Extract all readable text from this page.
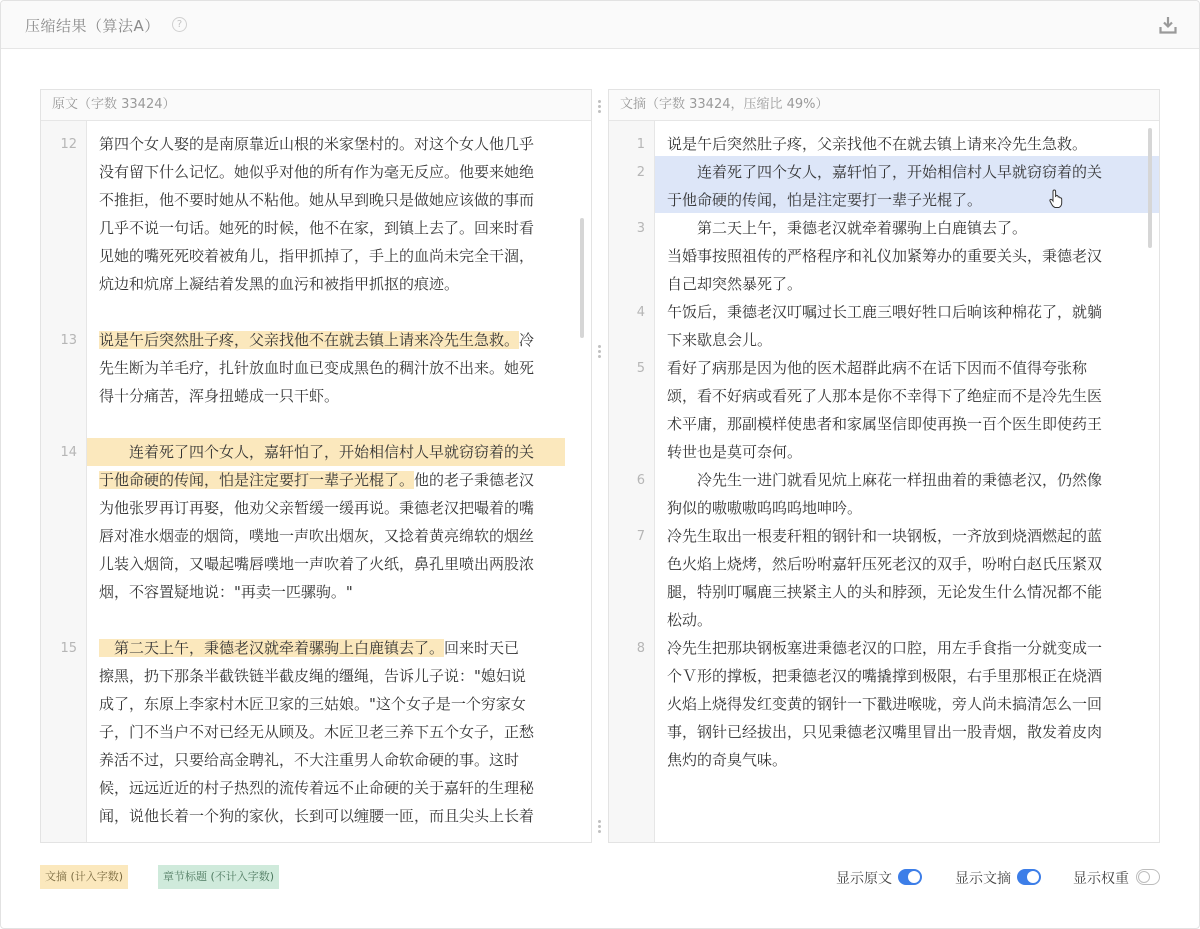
压缩结果（算法A）	?
原文（字数 33424）
12
13
14
15
第四个女人娶的是南原靠近山根的米家堡村的。对这个女人他几乎
没有留下什么记忆。她似乎对他的所有作为毫无反应。他要来她绝
不推拒，他不要时她从不粘他。她从早到晚只是做她应该做的事而
几乎不说一句话。她死的时候，他不在家，到镇上去了。回来时看
见她的嘴死死咬着被角儿，指甲抓掉了，手上的血尚未完全干涸，
炕边和炕席上凝结着发黑的血污和被指甲抓抠的痕迹。
说是午后突然肚子疼，父亲找他不在就去镇上请来冷先生急救。冷
先生断为羊毛疗，扎针放血时血已变成黑色的稠汁放不出来。她死
得十分痛苦，浑身扭蜷成一只干虾。
　　连着死了四个女人，嘉轩怕了，开始相信村人早就窃窃着的关
于他命硬的传闻，怕是注定要打一辈子光棍了。他的老子秉德老汉
为他张罗再订再娶，他劝父亲暂缓一缓再说。秉德老汉把嘬着的嘴
唇对准水烟壶的烟筒，噗地一声吹出烟灰，又捻着黄亮绵软的烟丝
儿装入烟筒，又嘬起嘴唇噗地一声吹着了火纸，鼻孔里喷出两股浓
烟，不容置疑地说："再卖一匹骡驹。"
　第二天上午，秉德老汉就牵着骡驹上白鹿镇去了。回来时天已
擦黑，扔下那条半截铁链半截皮绳的缰绳，告诉儿子说："媳妇说
成了，东原上李家村木匠卫家的三姑娘。"这个女子是一个穷家女
子，门不当户不对已经无从顾及。木匠卫老三养下五个女子，正愁
养活不过，只要给高金聘礼，不大注重男人命软命硬的事。这时
候，远远近近的村子热烈的流传着远不止命硬的关于嘉轩的生理秘
闻，说他长着一个狗的家伙，长到可以缠腰一匝，而且尖头上长着
文摘（字数 33424，压缩比 49%）
1
2
3
4
5
6
7
8
说是午后突然肚子疼，父亲找他不在就去镇上请来冷先生急救。
　　连着死了四个女人，嘉轩怕了，开始相信村人早就窃窃着的关
于他命硬的传闻，怕是注定要打一辈子光棍了。
　　第二天上午，秉德老汉就牵着骡驹上白鹿镇去了。
当婚事按照祖传的严格程序和礼仪加紧筹办的重要关头，秉德老汉
自己却突然暴死了。
午饭后，秉德老汉叮嘱过长工鹿三喂好牲口后晌该种棉花了，就躺
下来歇息会儿。
看好了病那是因为他的医术超群此病不在话下因而不值得夸张称
颂，看不好病或看死了人那本是你不幸得下了绝症而不是冷先生医
术平庸，那副模样使患者和家属坚信即使再换一百个医生即使药王
转世也是莫可奈何。
　　冷先生一进门就看见炕上麻花一样扭曲着的秉德老汉，仍然像
狗似的嗷嗷嗷呜呜呜地呻吟。
冷先生取出一根麦秆粗的钢针和一块钢板，一齐放到烧酒燃起的蓝
色火焰上烧烤，然后吩咐嘉轩压死老汉的双手，吩咐白赵氏压紧双
腿，特别叮嘱鹿三挟紧主人的头和脖颈，无论发生什么情况都不能
松动。
冷先生把那块钢板塞进秉德老汉的口腔，用左手食指一分就变成一
个Ｖ形的撑板，把秉德老汉的嘴撬撑到极限，右手里那根正在烧酒
火焰上烧得发红变黄的钢针一下戳进喉咙，旁人尚未搞清怎么一回
事，钢针已经拔出，只见秉德老汉嘴里冒出一股青烟，散发着皮肉
焦灼的奇臭气味。
文摘 (计入字数)	章节标题 (不计入字数)	显示原文	显示文摘	显示权重
